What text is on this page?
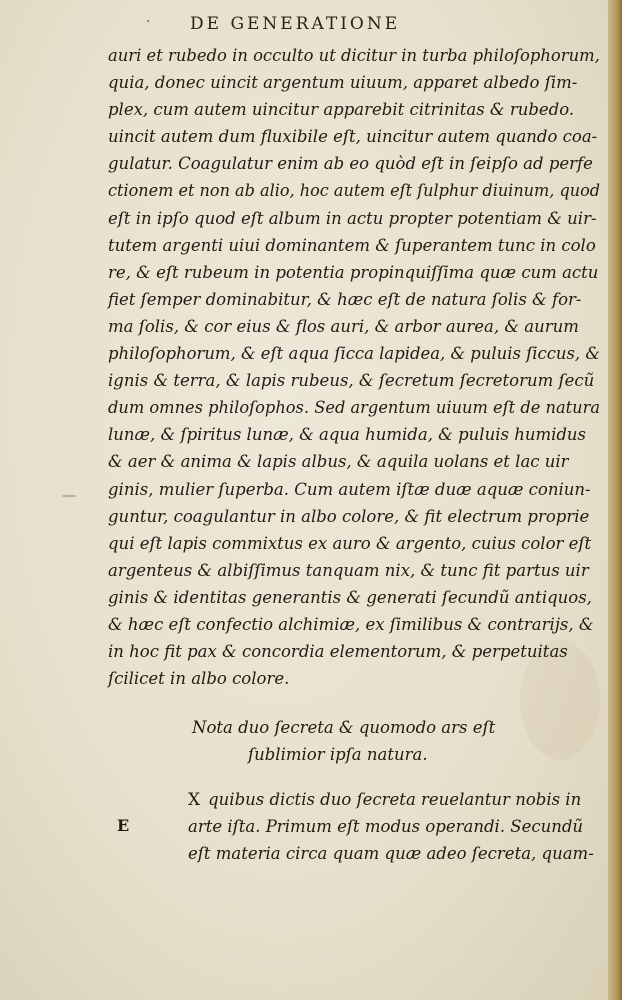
· DE GENERATIONE
auri et rubedo in occulto ut dicitur in turba philoſophorum,
quia, donec uincit argentum uiuum, apparet albedo ſim-
plex, cum autem uincitur apparebit citrinitas & rubedo.
uincit autem dum fluxibile eſt, uincitur autem quando coa-
gulatur. Coagulatur enim ab eo quòd eſt in ſeipſo ad perfe
ctionem et non ab alio, hoc autem eſt ſulphur diuinum, quod
eſt in ipſo quod eſt album in actu propter potentiam & uir-
tutem argenti uiui dominantem & ſuperantem tunc in colo
re, & eſt rubeum in potentia propinquiſſima quæ cum actu
fiet ſemper dominabitur, & hæc eſt de natura ſolis & for-
ma ſolis, & cor eius & flos auri, & arbor aurea, & aurum
philoſophorum, & eſt aqua ſicca lapidea, & puluis ſiccus, &
ignis & terra, & lapis rubeus, & ſecretum ſecretorum ſecũ
dum omnes philoſophos. Sed argentum uiuum eſt de natura
lunæ, & ſpiritus lunæ, & aqua humida, & puluis humidus
& aer & anima & lapis albus, & aquila uolans et lac uir
ginis, mulier ſuperba. Cum autem iſtæ duæ aquæ coniun-
guntur, coagulantur in albo colore, & fit electrum proprie
qui eſt lapis commixtus ex auro & argento, cuius color eſt
argenteus & albiſſimus tanquam nix, & tunc fit partus uir
ginis & identitas generantis & generati ſecundũ antiquos,
& hæc eſt confectio alchimiæ, ex ſimilibus & contrarijs, &
in hoc fit pax & concordia elementorum, & perpetuitas
ſcilicet in albo colore.
—
Nota duo ſecreta & quomodo ars eſt
ſublimior ipſa natura.
X quibus dictis duo ſecreta reuelantur nobis in
arte iſta. Primum eſt modus operandi. Secundũ
eſt materia circa quam quæ adeo ſecreta, quam-
E
